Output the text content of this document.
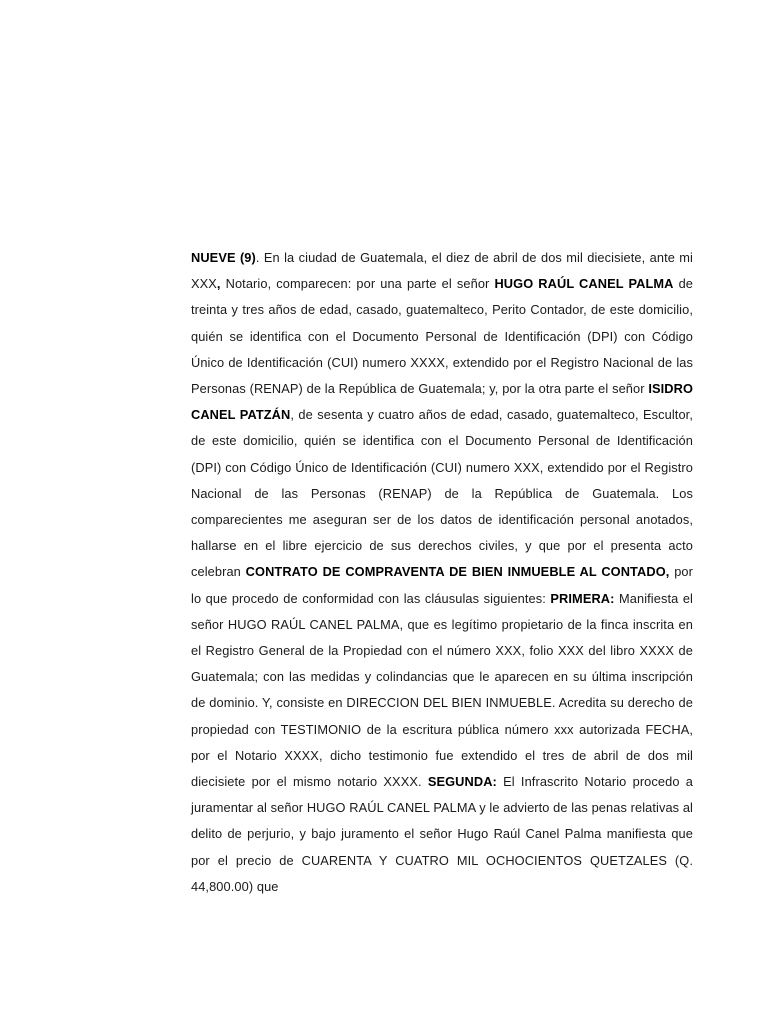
NUEVE (9). En la ciudad de Guatemala, el diez de abril de dos mil diecisiete, ante mi XXX, Notario, comparecen: por una parte el señor HUGO RAÚL CANEL PALMA de treinta y tres años de edad, casado, guatemalteco, Perito Contador, de este domicilio, quién se identifica con el Documento Personal de Identificación (DPI) con Código Único de Identificación (CUI) numero XXXX, extendido por el Registro Nacional de las Personas (RENAP) de la República de Guatemala; y, por la otra parte el señor ISIDRO CANEL PATZÁN, de sesenta y cuatro años de edad, casado, guatemalteco, Escultor, de este domicilio, quién se identifica con el Documento Personal de Identificación (DPI) con Código Único de Identificación (CUI) numero XXX, extendido por el Registro Nacional de las Personas (RENAP) de la República de Guatemala. Los comparecientes me aseguran ser de los datos de identificación personal anotados, hallarse en el libre ejercicio de sus derechos civiles, y que por el presenta acto celebran CONTRATO DE COMPRAVENTA DE BIEN INMUEBLE AL CONTADO, por lo que procedo de conformidad con las cláusulas siguientes: PRIMERA: Manifiesta el señor HUGO RAÚL CANEL PALMA, que es legítimo propietario de la finca inscrita en el Registro General de la Propiedad con el número XXX, folio XXX del libro XXXX de Guatemala; con las medidas y colindancias que le aparecen en su última inscripción de dominio. Y, consiste en DIRECCION DEL BIEN INMUEBLE. Acredita su derecho de propiedad con TESTIMONIO de la escritura pública número xxx autorizada FECHA, por el Notario XXXX, dicho testimonio fue extendido el tres de abril de dos mil diecisiete por el mismo notario XXXX. SEGUNDA: El Infrascrito Notario procedo a juramentar al señor HUGO RAÚL CANEL PALMA y le advierto de las penas relativas al delito de perjurio, y bajo juramento el señor Hugo Raúl Canel Palma manifiesta que por el precio de CUARENTA Y CUATRO MIL OCHOCIENTOS QUETZALES (Q. 44,800.00) que
